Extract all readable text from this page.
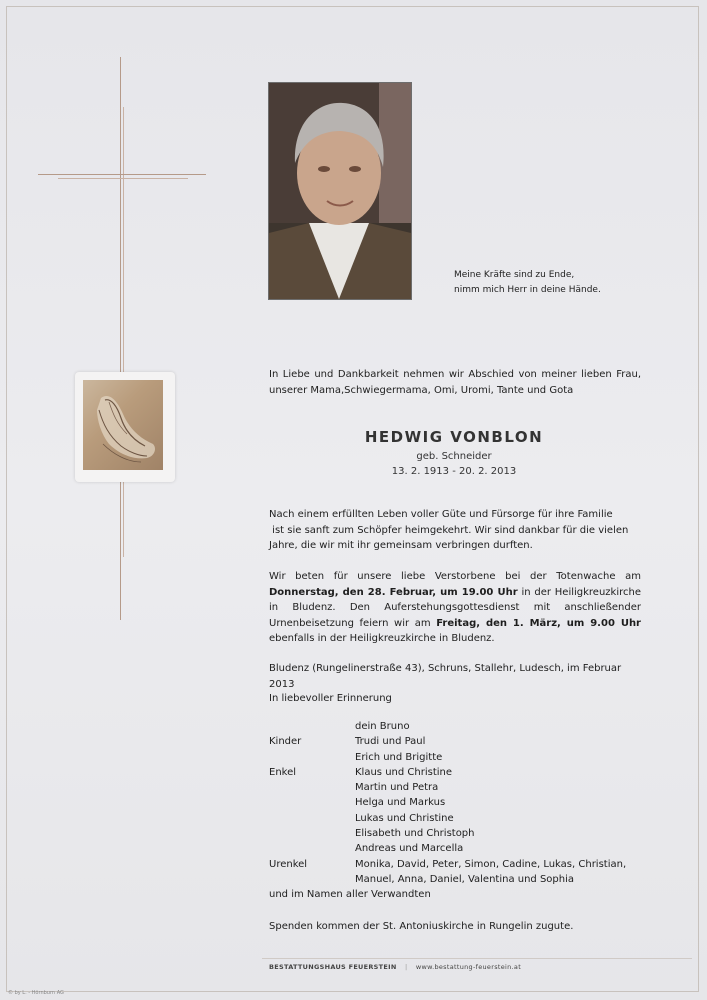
Meine Kräfte sind zu Ende,
nimm mich Herr in deine Hände.
In Liebe und Dankbarkeit nehmen wir Abschied von meiner lieben Frau,
unserer Mama,Schwiegermama, Omi, Uromi, Tante und Gota
HEDWIG VONBLON
geb. Schneider
13. 2. 1913 - 20. 2. 2013
Nach einem erfüllten Leben voller Güte und Fürsorge für ihre Familie
ist sie sanft zum Schöpfer heimgekehrt. Wir sind dankbar für die vielen
Jahre, die wir mit ihr gemeinsam verbringen durften.
Wir beten für unsere liebe Verstorbene bei der Totenwache am Donnerstag, den 28. Februar, um 19.00 Uhr in der Heiligkreuzkirche in Bludenz. Den Auferstehungsgottesdienst mit anschließender Urnenbeisetzung feiern wir am Freitag, den 1. März, um 9.00 Uhr ebenfalls in der Heiligkreuzkirche in Bludenz.
Bludenz (Rungelinerstraße 43), Schruns, Stallehr, Ludesch, im Februar 2013
In liebevoller Erinnerung
dein Bruno
Kinder	Trudi und Paul
Erich und Brigitte
Enkel	Klaus und Christine
Martin und Petra
Helga und Markus
Lukas und Christine
Elisabeth und Christoph
Andreas und Marcella
Urenkel	Monika, David, Peter, Simon, Cadine, Lukas, Christian,
Manuel, Anna, Daniel, Valentina und Sophia
und im Namen aller Verwandten
Spenden kommen der St. Antoniuskirche in Rungelin zugute.
BESTATTUNGSHAUS FEUERSTEIN | www.bestattung-feuerstein.at
© by L. - Hörnburn AG
